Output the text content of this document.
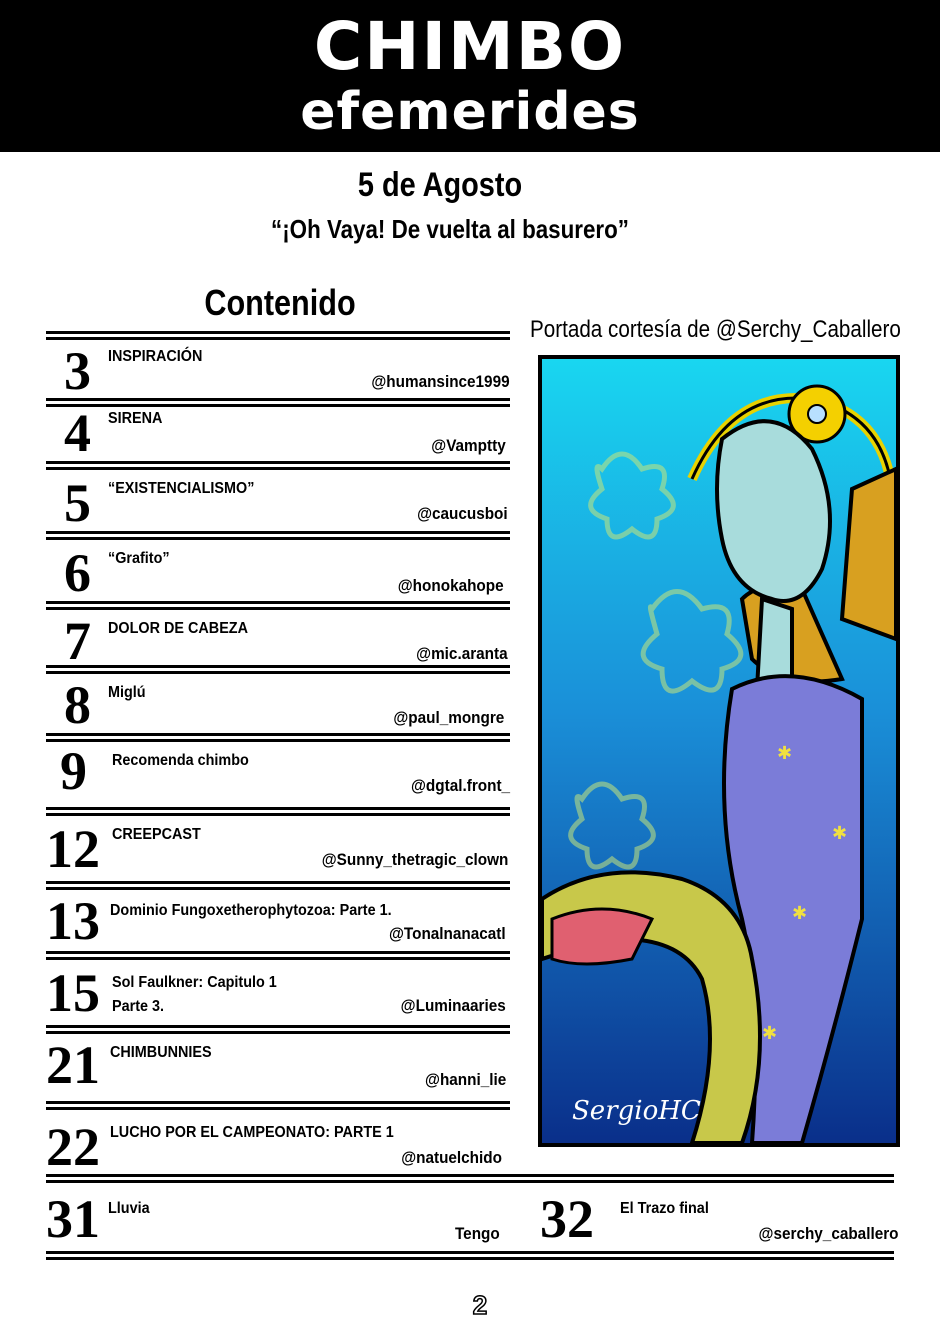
CHIMBO
efemerides
5 de Agosto
“¡Oh Vaya! De vuelta al basurero”
Contenido
Portada cortesía de @Serchy_Caballero
3 INSPIRACIÓN
@humansince1999
4 SIRENA
@Vamptty
5 “EXISTENCIALISMO”
@caucusboi
6 “Grafito”
@honokahope
7 DOLOR DE CABEZA
@mic.aranta
8 Miglú
@paul_mongre
9 Recomenda chimbo
@dgtal.front_
12 CREEPCAST
@Sunny_thetragic_clown
13 Dominio Fungoxetherophytozoa: Parte 1.
@Tonalnanacatl
15 Sol Faulkner: Capitulo 1
Parte 3.	@Luminaaries
21 CHIMBUNNIES
@hanni_lie
22 LUCHO POR EL CAMPEONATO: PARTE 1
@natuelchido
31 Lluvia
Tengo 32 El Trazo final
@serchy_caballero
✱
✱
✱
✱
SergioHC
2
